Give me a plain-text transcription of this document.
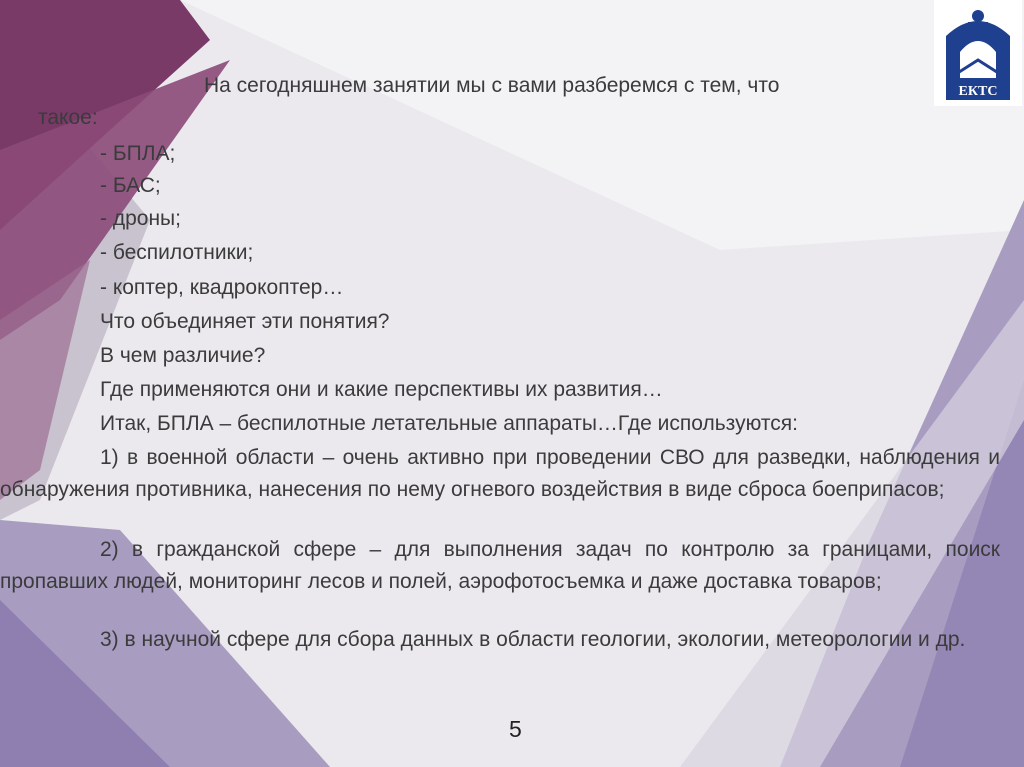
ЕКТС
На сегодняшнем занятии мы с вами разберемся с тем, что
такое:
- БПЛА;
- БАС;
- дроны;
- беспилотники;
- коптер, квадрокоптер…
Что объединяет эти понятия?
В чем различие?
Где применяются они и какие перспективы их развития…
Итак, БПЛА – беспилотные летательные аппараты…Где используются:
1) в военной области – очень активно при проведении СВО для разведки, наблюдения и обнаружения противника, нанесения по нему огневого воздействия в виде сброса боеприпасов;
2) в гражданской сфере – для выполнения задач по контролю за границами, поиск пропавших людей, мониторинг лесов и полей, аэрофотосъемка и даже доставка товаров;
3) в научной сфере для сбора данных в области геологии, экологии, метеорологии и др.
5
